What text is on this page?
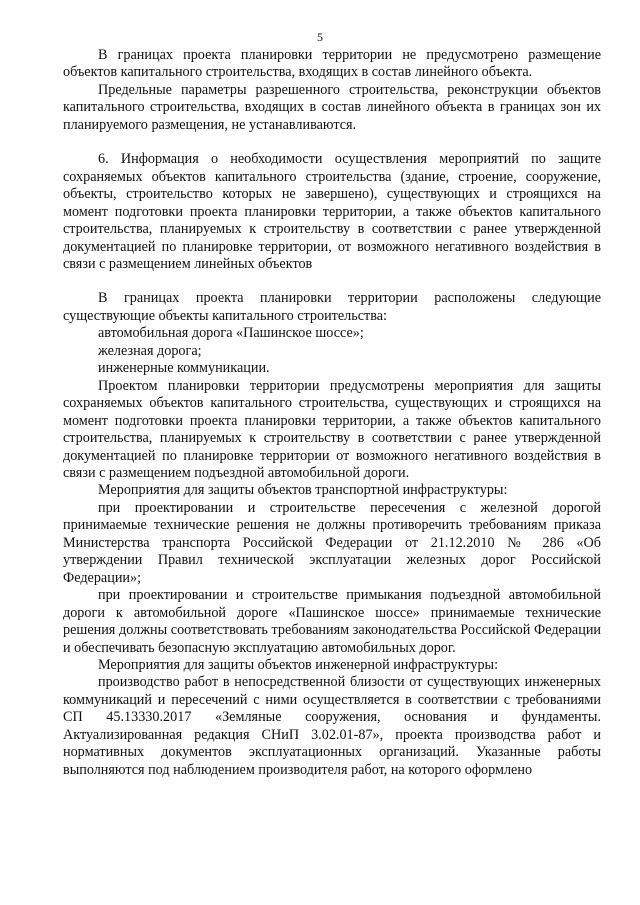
5

В границах проекта планировки территории не предусмотрено размещение объектов капитального строительства, входящих в состав линейного объекта.

Предельные параметры разрешенного строительства, реконструкции объектов капитального строительства, входящих в состав линейного объекта в границах зон их планируемого размещения, не устанавливаются.

6. Информация о необходимости осуществления мероприятий по защите сохраняемых объектов капитального строительства (здание, строение, сооружение, объекты, строительство которых не завершено), существующих и строящихся на момент подготовки проекта планировки территории, а также объектов капитального строительства, планируемых к строительству в соответствии с ранее утвержденной документацией по планировке территории, от возможного негативного воздействия в связи с размещением линейных объектов

В границах проекта планировки территории расположены следующие существующие объекты капитального строительства:

автомобильная дорога «Пашинское шоссе»;

железная дорога;

инженерные коммуникации.

Проектом планировки территории предусмотрены мероприятия для защиты сохраняемых объектов капитального строительства, существующих и строящихся на момент подготовки проекта планировки территории, а также объектов капитального строительства, планируемых к строительству в соответствии с ранее утвержденной документацией по планировке территории от возможного негативного воздействия в связи с размещением подъездной автомобильной дороги.

Мероприятия для защиты объектов транспортной инфраструктуры:

при проектировании и строительстве пересечения с железной дорогой принимаемые технические решения не должны противоречить требованиям приказа Министерства транспорта Российской Федерации от 21.12.2010 № 286 «Об утверждении Правил технической эксплуатации железных дорог Российской Федерации»;

при проектировании и строительстве примыкания подъездной автомобильной дороги к автомобильной дороге «Пашинское шоссе» принимаемые технические решения должны соответствовать требованиям законодательства Российской Федерации и обеспечивать безопасную эксплуатацию автомобильных дорог.

Мероприятия для защиты объектов инженерной инфраструктуры:

производство работ в непосредственной близости от существующих инженерных коммуникаций и пересечений с ними осуществляется в соответствии с требованиями СП 45.13330.2017 «Земляные сооружения, основания и фундаменты. Актуализированная редакция СНиП 3.02.01-87», проекта производства работ и нормативных документов эксплуатационных организаций. Указанные работы выполняются под наблюдением производителя работ, на которого оформлено
